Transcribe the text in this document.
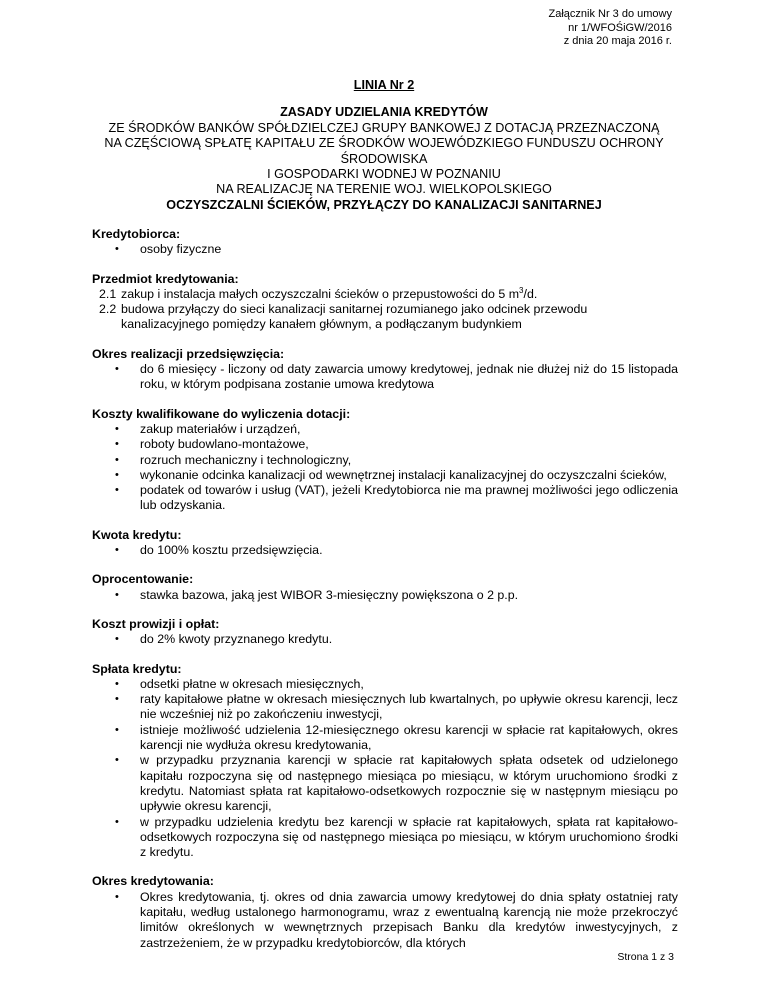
Załącznik Nr 3 do umowy
nr 1/WFOŚiGW/2016
z dnia 20 maja 2016 r.
LINIA Nr 2
ZASADY UDZIELANIA KREDYTÓW
ZE ŚRODKÓW BANKÓW SPÓŁDZIELCZEJ GRUPY BANKOWEJ Z DOTACJĄ PRZEZNACZONĄ
NA CZĘŚCIOWĄ SPŁATĘ KAPITAŁU ZE ŚRODKÓW WOJEWÓDZKIEGO FUNDUSZU OCHRONY
ŚRODOWISKA
I GOSPODARKI WODNEJ W POZNANIU
NA REALIZACJĘ NA TERENIE WOJ. WIELKOPOLSKIEGO
OCZYSZCZALNI ŚCIEKÓW, PRZYŁĄCZY DO KANALIZACJI SANITARNEJ
Kredytobiorca:
• osoby fizyczne
Przedmiot kredytowania:
2.1 zakup i instalacja małych oczyszczalni ścieków o przepustowości do 5 $m^3/d$.
2.2 budowa przyłączy do sieci kanalizacji sanitarnej rozumianego jako odcinek przewodu kanalizacyjnego pomiędzy kanałem głównym, a podłączanym budynkiem
Okres realizacji przedsięwzięcia:
• do 6 miesięcy - liczony od daty zawarcia umowy kredytowej, jednak nie dłużej niż do 15 listopada roku, w którym podpisana zostanie umowa kredytowa
Koszty kwalifikowane do wyliczenia dotacji:
• zakup materiałów i urządzeń,
• roboty budowlano-montażowe,
• rozruch mechaniczny i technologiczny,
• wykonanie odcinka kanalizacji od wewnętrznej instalacji kanalizacyjnej do oczyszczalni ścieków,
• podatek od towarów i usług (VAT), jeżeli Kredytobiorca nie ma prawnej możliwości jego odliczenia lub odzyskania.
Kwota kredytu:
• do 100% kosztu przedsięwzięcia.
Oprocentowanie:
• stawka bazowa, jaką jest WIBOR 3-miesięczny powiększona o 2 p.p.
Koszt prowizji i opłat:
• do 2% kwoty przyznanego kredytu.
Spłata kredytu:
• odsetki płatne w okresach miesięcznych,
• raty kapitałowe płatne w okresach miesięcznych lub kwartalnych, po upływie okresu karencji, lecz nie wcześniej niż po zakończeniu inwestycji,
• istnieje możliwość udzielenia 12-miesięcznego okresu karencji w spłacie rat kapitałowych, okres karencji nie wydłuża okresu kredytowania,
• w przypadku przyznania karencji w spłacie rat kapitałowych spłata odsetek od udzielonego kapitału rozpoczyna się od następnego miesiąca po miesiącu, w którym uruchomiono środki z kredytu. Natomiast spłata rat kapitałowo-odsetkowych rozpocznie się w następnym miesiącu po upływie okresu karencji,
• w przypadku udzielenia kredytu bez karencji w spłacie rat kapitałowych, spłata rat kapitałowo-odsetkowych rozpoczyna się od następnego miesiąca po miesiącu, w którym uruchomiono środki z kredytu.
Okres kredytowania:
• Okres kredytowania, tj. okres od dnia zawarcia umowy kredytowej do dnia spłaty ostatniej raty kapitału, według ustalonego harmonogramu, wraz z ewentualną karencją nie może przekroczyć limitów określonych w wewnętrznych przepisach Banku dla kredytów inwestycyjnych, z zastrzeżeniem, że w przypadku kredytobiorców, dla których
Strona 1 z 3
